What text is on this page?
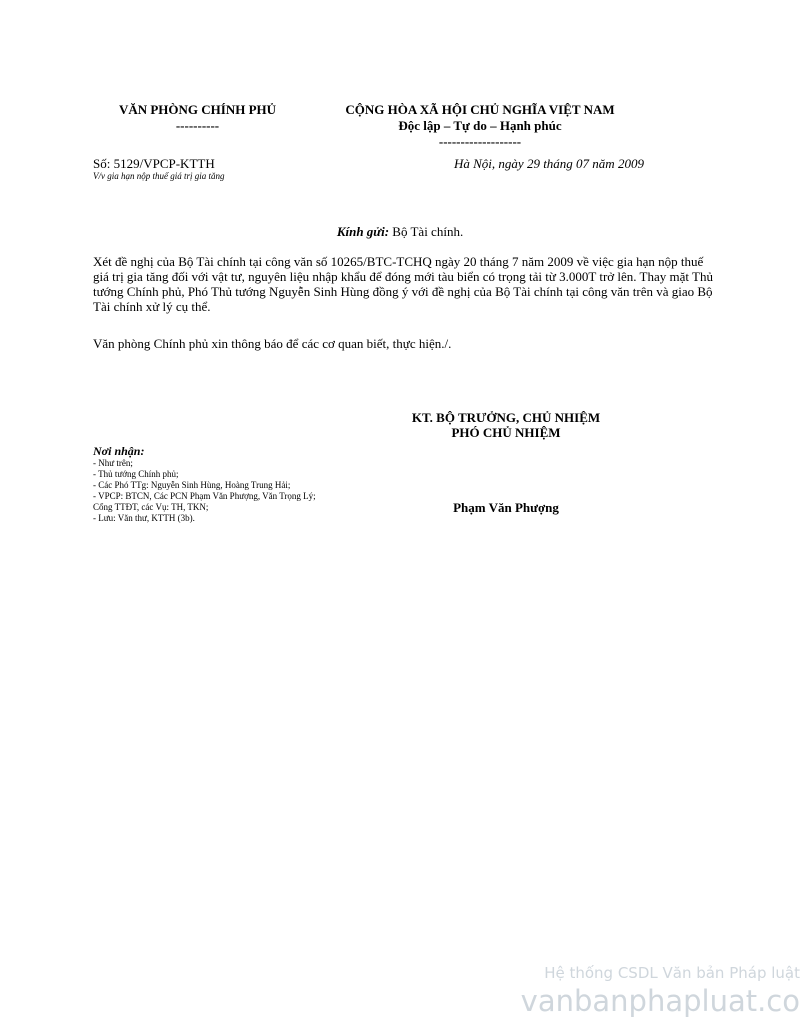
VĂN PHÒNG CHÍNH PHỦ
----------
CỘNG HÒA XÃ HỘI CHỦ NGHĨA VIỆT NAM
Độc lập – Tự do – Hạnh phúc
-------------------
Số: 5129/VPCP-KTTH
V/v gia hạn nộp thuế giá trị gia tăng
Hà Nội, ngày 29 tháng 07 năm 2009
Kính gửi: Bộ Tài chính.
Xét đề nghị của Bộ Tài chính tại công văn số 10265/BTC-TCHQ ngày 20 tháng 7 năm 2009 về việc gia hạn nộp thuế giá trị gia tăng đối với vật tư, nguyên liệu nhập khẩu để đóng mới tàu biển có trọng tải từ 3.000T trở lên. Thay mặt Thủ tướng Chính phủ, Phó Thủ tướng Nguyễn Sinh Hùng đồng ý với đề nghị của Bộ Tài chính tại công văn trên và giao Bộ Tài chính xử lý cụ thể.
Văn phòng Chính phủ xin thông báo để các cơ quan biết, thực hiện./.
KT. BỘ TRƯỞNG, CHỦ NHIỆM
PHÓ CHỦ NHIỆM
Phạm Văn Phượng
Nơi nhận:
- Như trên;
- Thủ tướng Chính phủ;
- Các Phó TTg: Nguyễn Sinh Hùng, Hoàng Trung Hải;
- VPCP: BTCN, Các PCN Phạm Văn Phượng, Văn Trọng Lý;
Cổng TTĐT, các Vụ: TH, TKN;
- Lưu: Văn thư, KTTH (3b).
Hệ thống CSDL Văn bản Pháp luật
vanbanphapluat.co
